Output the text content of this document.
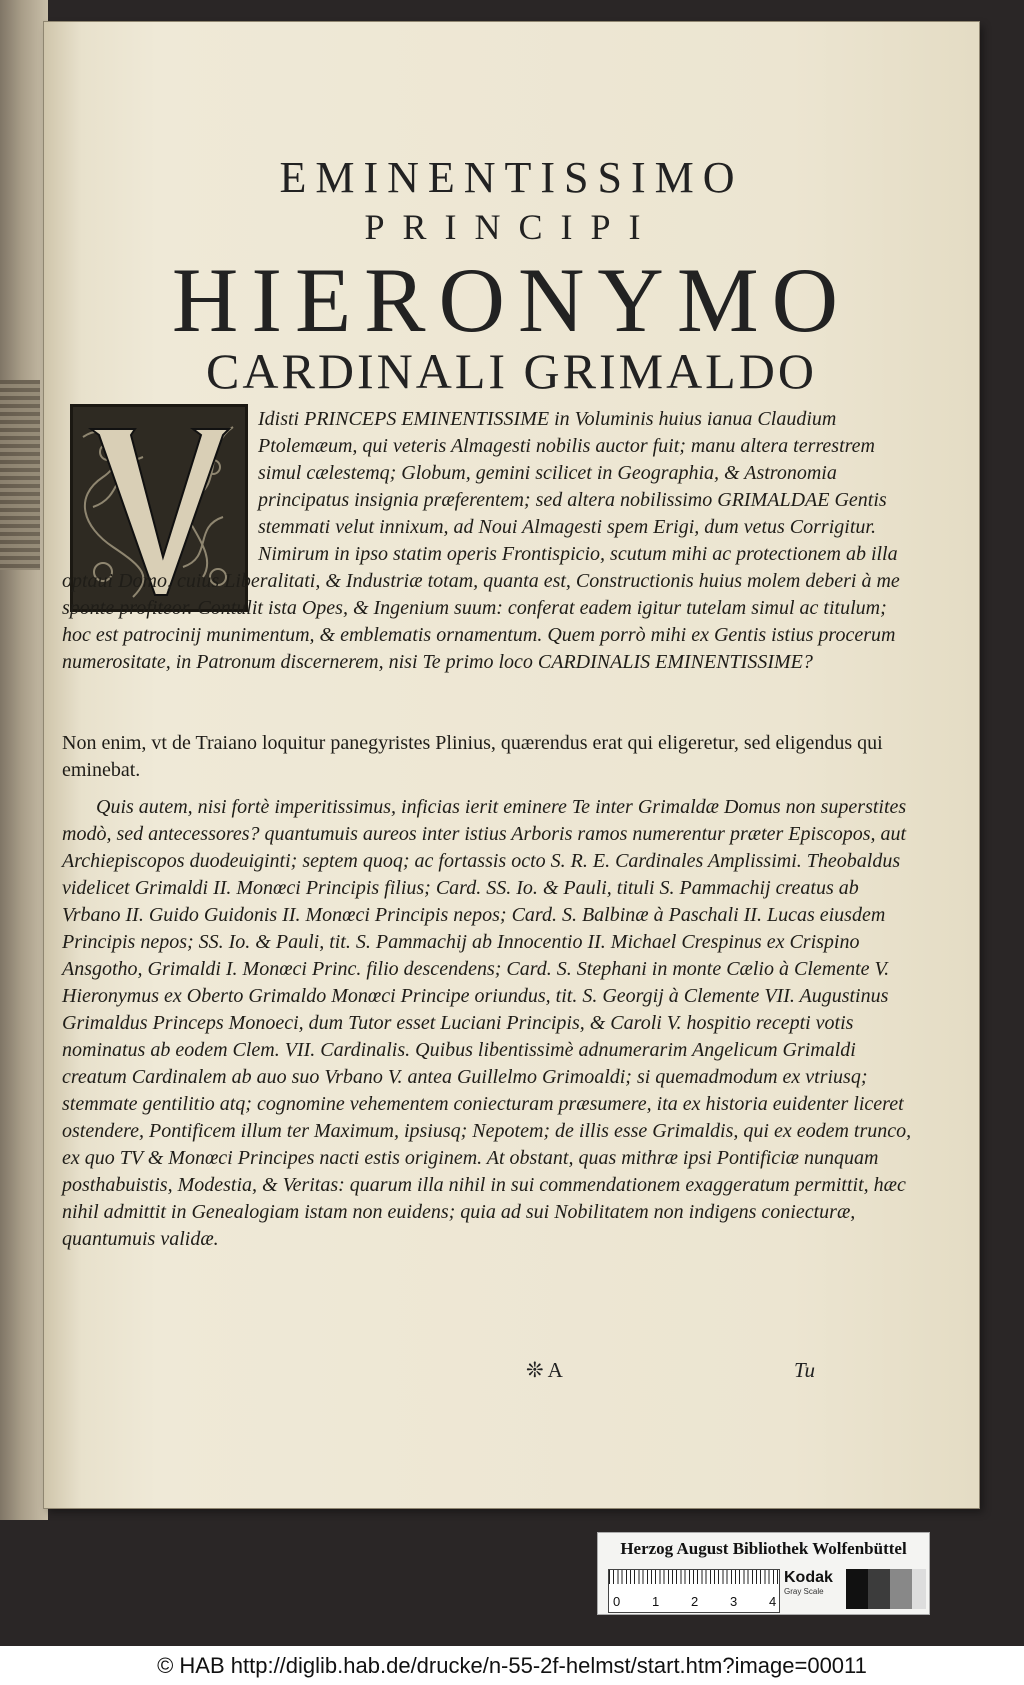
EMINENTISSIMO
PRINCIPI
HIERONYMO
CARDINALI GRIMALDO

Idisti PRINCEPS EMINENTISSIME in Voluminis huius ianua Claudium Ptolemæum, qui veteris Almagesti nobilis auctor fuit; manu altera terrestrem simul cælestemq; Globum, gemini scilicet in Geographia, & Astronomia principatus insignia præferentem; sed altera nobilissimo GRIMALDAE Gentis stemmati velut innixum, ad Noui Almagesti spem Erigi, dum vetus Corrigitur. Nimirum in ipso statim operis Frontispicio, scutum mihi ac protectionem ab illa

optaui Domo, cuius Liberalitati, & Industriæ totam, quanta est, Constructionis huius molem deberi à me sponte profiteor. Contulit ista Opes, & Ingenium suum: conferat eadem igitur tutelam simul ac titulum; hoc est patrocinij munimentum, & emblematis ornamentum. Quem porrò mihi ex Gentis istius procerum numerositate, in Patronum discernerem, nisi Te primo loco CARDINALIS EMINENTISSIME?

Non enim, vt de Traiano loquitur panegyristes Plinius, quærendus erat qui eligeretur, sed eligendus qui eminebat.

Quis autem, nisi fortè imperitissimus, inficias ierit eminere Te inter Grimaldæ Domus non superstites modò, sed antecessores? quantumuis aureos inter istius Arboris ramos numerentur præter Episcopos, aut Archiepiscopos duodeuiginti; septem quoq; ac fortassis octo S. R. E. Cardinales Amplissimi. Theobaldus videlicet Grimaldi II. Monœci Principis filius; Card. SS. Io. & Pauli, tituli S. Pammachij creatus ab Vrbano II. Guido Guidonis II. Monœci Principis nepos; Card. S. Balbinæ à Paschali II. Lucas eiusdem Principis nepos; SS. Io. & Pauli, tit. S. Pammachij ab Innocentio II. Michael Crespinus ex Crispino Ansgotho, Grimaldi I. Monœci Princ. filio descendens; Card. S. Stephani in monte Cælio à Clemente V. Hieronymus ex Oberto Grimaldo Monœci Principe oriundus, tit. S. Georgij à Clemente VII. Augustinus Grimaldus Princeps Monoeci, dum Tutor esset Luciani Principis, & Caroli V. hospitio recepti votis nominatus ab eodem Clem. VII. Cardinalis. Quibus libentissimè adnumerarim Angelicum Grimaldi creatum Cardinalem ab auo suo Vrbano V. antea Guillelmo Grimoaldi; si quemadmodum ex vtriusq; stemmate gentilitio atq; cognomine vehementem coniecturam præsumere, ita ex historia euidenter liceret ostendere, Pontificem illum ter Maximum, ipsiusq; Nepotem; de illis esse Grimaldis, qui ex eodem trunco, ex quo TV & Monœci Principes nacti estis originem. At obstant, quas mithræ ipsi Pontificiæ nunquam posthabuistis, Modestia, & Veritas: quarum illa nihil in sui commendationem exaggeratum permittit, hæc nihil admittit in Genealogiam istam non euidens; quia ad sui Nobilitatem non indigens coniecturæ, quantumuis validæ.

❊ A	Tu
Herzog August Bibliothek Wolfenbüttel
0 1 2 3 4
Kodak
Gray Scale
© HAB http://diglib.hab.de/drucke/n-55-2f-helmst/start.htm?image=00011
